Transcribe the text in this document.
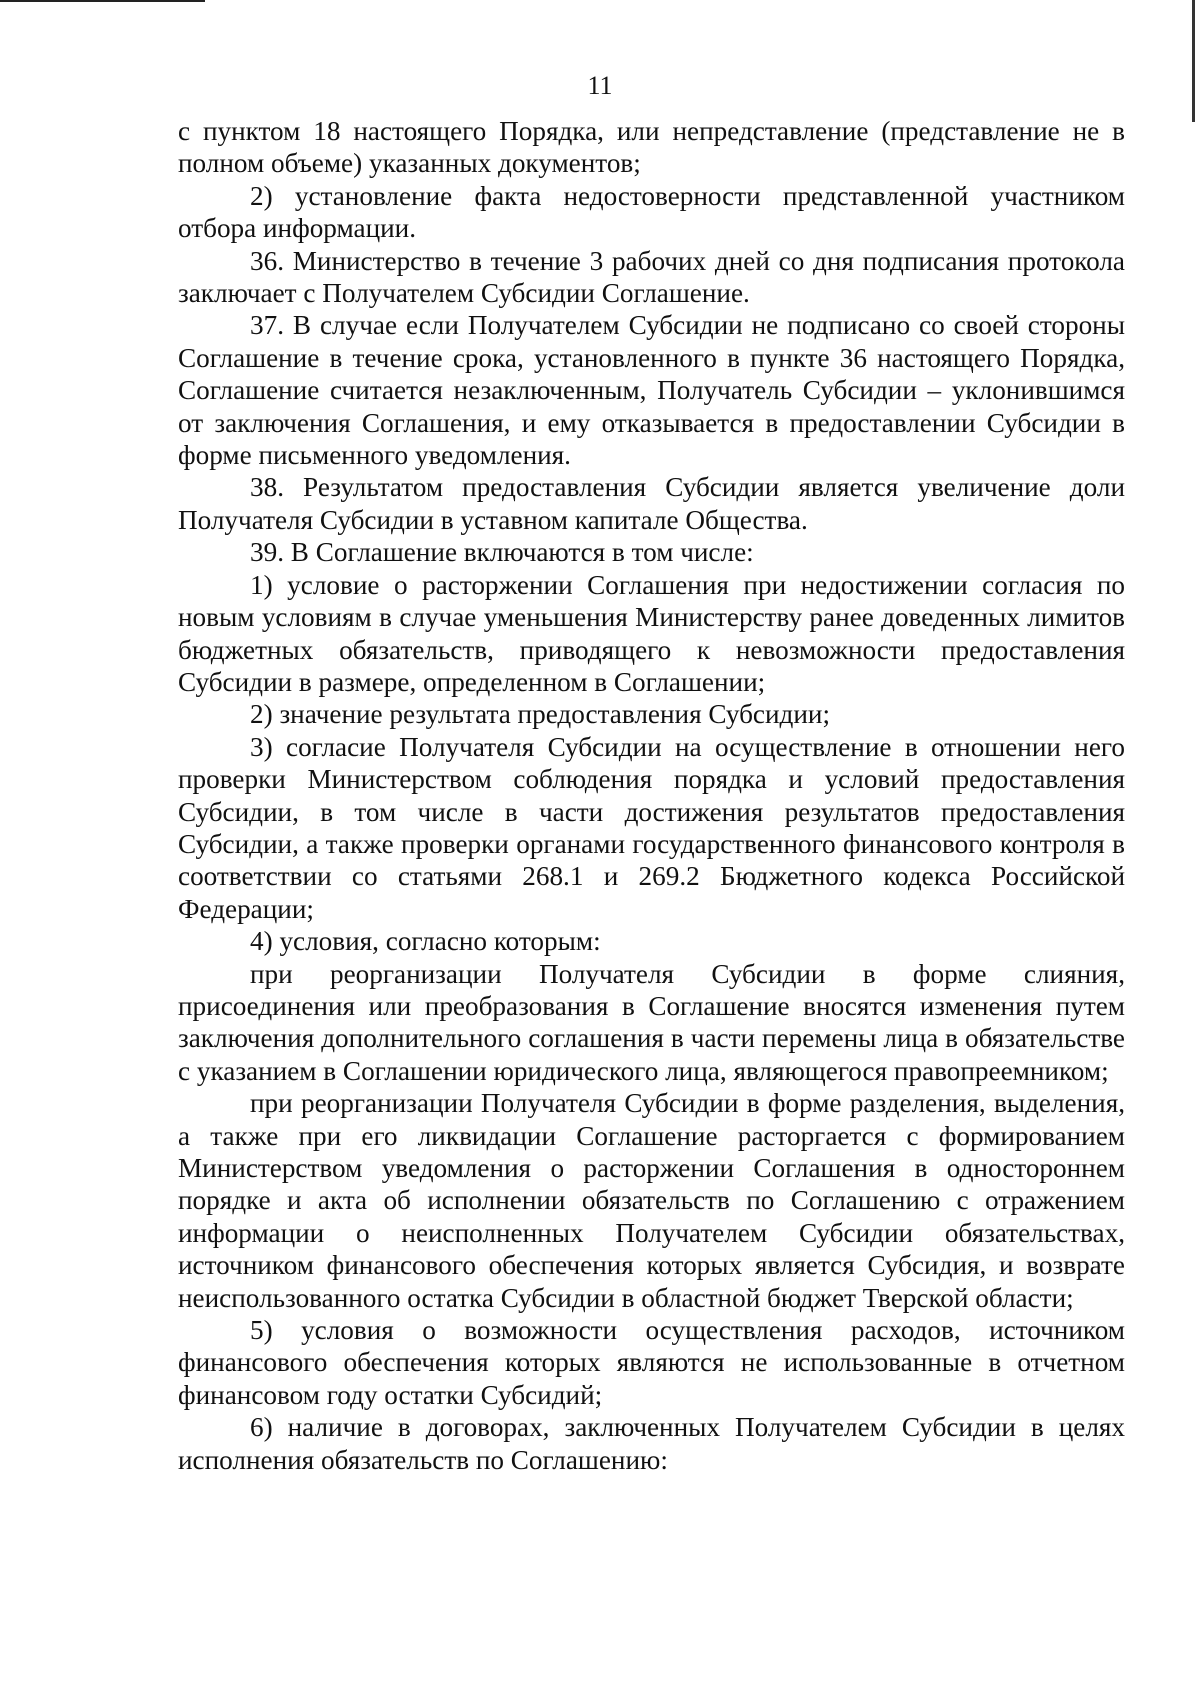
11

с пунктом 18 настоящего Порядка, или непредставление (представление не в полном объеме) указанных документов;

2) установление факта недостоверности представленной участником отбора информации.

36. Министерство в течение 3 рабочих дней со дня подписания протокола заключает с Получателем Субсидии Соглашение.

37. В случае если Получателем Субсидии не подписано со своей стороны Соглашение в течение срока, установленного в пункте 36 настоящего Порядка, Соглашение считается незаключенным, Получатель Субсидии – уклонившимся от заключения Соглашения, и ему отказывается в предоставлении Субсидии в форме письменного уведомления.

38. Результатом предоставления Субсидии является увеличение доли Получателя Субсидии в уставном капитале Общества.

39. В Соглашение включаются в том числе:

1) условие о расторжении Соглашения при недостижении согласия по новым условиям в случае уменьшения Министерству ранее доведенных лимитов бюджетных обязательств, приводящего к невозможности предоставления Субсидии в размере, определенном в Соглашении;

2) значение результата предоставления Субсидии;

3) согласие Получателя Субсидии на осуществление в отношении него проверки Министерством соблюдения порядка и условий предоставления Субсидии, в том числе в части достижения результатов предоставления Субсидии, а также проверки органами государственного финансового контроля в соответствии со статьями 268.1 и 269.2 Бюджетного кодекса Российской Федерации;

4) условия, согласно которым:

при реорганизации Получателя Субсидии в форме слияния, присоединения или преобразования в Соглашение вносятся изменения путем заключения дополнительного соглашения в части перемены лица в обязательстве с указанием в Соглашении юридического лица, являющегося правопреемником;

при реорганизации Получателя Субсидии в форме разделения, выделения, а также при его ликвидации Соглашение расторгается с формированием Министерством уведомления о расторжении Соглашения в одностороннем порядке и акта об исполнении обязательств по Соглашению с отражением информации о неисполненных Получателем Субсидии обязательствах, источником финансового обеспечения которых является Субсидия, и возврате неиспользованного остатка Субсидии в областной бюджет Тверской области;

5) условия о возможности осуществления расходов, источником финансового обеспечения которых являются не использованные в отчетном финансовом году остатки Субсидий;

6) наличие в договорах, заключенных Получателем Субсидии в целях исполнения обязательств по Соглашению:
